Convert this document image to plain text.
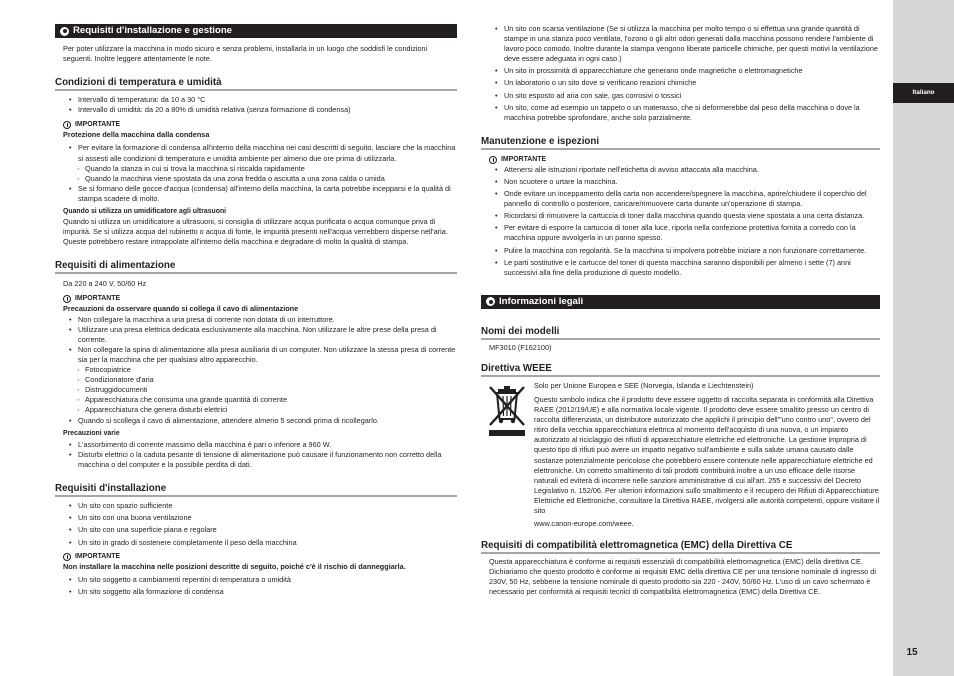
Requisiti d'installazione e gestione
Per poter utilizzare la macchina in modo sicuro e senza problemi, installarla in un luogo che soddisfi le condizioni seguenti. Inoltre leggere attentamente le note.
Condizioni di temperatura e umidità
• Intervallo di temperatura: da 10 a 30 °C
• Intervallo di umidità: da 20 a 80% di umidità relativa (senza formazione di condensa)
IMPORTANTE
Protezione della macchina dalla condensa
• Per evitare la formazione di condensa all'interno della macchina nei casi descritti di seguito, lasciare che la macchina si assesti alle condizioni di temperatura e umidità ambiente per almeno due ore prima di utilizzarla.
◦ Quando la stanza in cui si trova la macchina si riscalda rapidamente
◦ Quando la macchina viene spostata da una zona fredda o asciutta a una zona calda o umida
• Se si formano delle gocce d'acqua (condensa) all'interno della macchina, la carta potrebbe incepparsi e la qualità di stampa scadere di molto.
Quando si utilizza un umidificatore agli ultrasuoni
Quando si utilizza un umidificatore a ultrasuoni, si consiglia di utilizzare acqua purificata o acqua comunque priva di impurità. Se si utilizza acqua del rubinetto o acqua di fonte, le impurità presenti nell'acqua verrebbero disperse nell'aria. Queste potrebbero restare intrappolate all'interno della macchina e degradare di molto la qualità di stampa.
Requisiti di alimentazione
Da 220 a 240 V, 50/60 Hz
IMPORTANTE
Precauzioni da osservare quando si collega il cavo di alimentazione
• Non collegare la macchina a una presa di corrente non dotata di un interruttore.
• Utilizzare una presa elettrica dedicata esclusivamente alla macchina. Non utilizzare le altre prese della presa di corrente.
• Non collegare la spina di alimentazione alla presa ausiliaria di un computer. Non utilizzare la stessa presa di corrente sia per la macchina che per qualsiasi altro apparecchio.
◦ Fotocopiatrice
◦ Condizionatore d'aria
◦ Distruggidocumenti
◦ Apparecchiatura che consuma una grande quantità di corrente
◦ Apparecchiatura che genera disturbi elettrici
• Quando si scollega il cavo di alimentazione, attendere almeno 5 secondi prima di ricollegarlo.
Precauzioni varie
• L'assorbimento di corrente massimo della macchina è pari o inferiore a 960 W.
• Disturbi elettrici o la caduta pesante di tensione di alimentazione può causare il funzionamento non corretto della macchina o del computer e la possibile perdita di dati.
Requisiti d'installazione
• Un sito con spazio sufficiente
• Un sito con una buona ventilazione
• Un sito con una superficie piana e regolare
• Un sito in grado di sostenere completamente il peso della macchina
IMPORTANTE
Non installare la macchina nelle posizioni descritte di seguito, poiché c'è il rischio di danneggiarla.
• Un sito soggetto a cambiamenti repentini di temperatura o umidità
• Un sito soggetto alla formazione di condensa
• Un sito con scarsa ventilazione (Se si utilizza la macchina per molto tempo o si effettua una grande quantità di stampe in una stanza poco ventilata, l'ozono o gli altri odori generati dalla macchina possono rendere l'ambiente di lavoro poco comodo. Inoltre durante la stampa vengono liberate particelle chimiche, per questi motivi la ventilazione deve essere adeguata in ogni caso.)
• Un sito in prossimità di apparecchiature che generano onde magnetiche o elettromagnetiche
• Un laboratorio o un sito dove si verificano reazioni chimiche
• Un sito esposto ad aria con sale, gas corrosivi o tossici
• Un sito, come ad esempio un tappeto o un materasso, che si deformerebbe dal peso della macchina o dove la macchina potrebbe sprofondare, anche solo parzialmente.
Manutenzione e ispezioni
IMPORTANTE
• Attenersi alle istruzioni riportate nell'etichetta di avviso attaccata alla macchina.
• Non scuotere o urtare la macchina.
• Onde evitare un inceppamento della carta non accendere/spegnere la macchina, aprire/chiudere il coperchio del pannello di controllo o posteriore, caricare/rimuovere carta durante un'operazione di stampa.
• Ricordarsi di rimuovere la cartuccia di toner dalla macchina quando questa viene spostata a una certa distanza.
• Per evitare di esporre la cartuccia di toner alla luce, riporla nella confezione protettiva fornita a corredo con la macchina oppure avvolgerla in un panno spesso.
• Pulire la macchina con regolarità. Se la macchina si impolvera potrebbe iniziare a non funzionare correttamente.
• Le parti sostitutive e le cartucce del toner di questa macchina saranno disponibili per almeno i sette (7) anni successivi alla fine della produzione di questo modello.
Informazioni legali
Nomi dei modelli
MF3010 (F162100)
Direttiva WEEE
Solo per Unione Europea e SEE (Norvegia, Islanda e Liechtenstein)
Questo simbolo indica che il prodotto deve essere oggetto di raccolta separata in conformità alla Direttiva RAEE (2012/19/UE) e alla normativa locale vigente. Il prodotto deve essere smaltito presso un centro di raccolta differenziata, un distributore autorizzato che applichi il principio dell'"uno contro uno", ovvero del ritiro della vecchia apparecchiatura elettrica al momento dell'acquisto di una nuova, o un impianto autorizzato al riciclaggio dei rifiuti di apparecchiature elettriche ed elettroniche. La gestione impropria di questo tipo di rifiuti può avere un impatto negativo sull'ambiente e sulla salute umana causato dalle sostanze potenzialmente pericolose che potrebbero essere contenute nelle apparecchiature elettriche ed elettroniche. Un corretto smaltimento di tali prodotti contribuirà inoltre a un uso efficace delle risorse naturali ed eviterà di incorrere nelle sanzioni amministrative di cui all'art. 255 e successivi del Decreto Legislativo n. 152/06. Per ulteriori informazioni sullo smaltimento e il recupero dei Rifiuti di Apparecchiature Elettriche ed Elettroniche, consultare la Direttiva RAEE, rivolgersi alle autorità competenti, oppure visitare il sito
www.canon-europe.com/weee.
Requisiti di compatibilità elettromagnetica (EMC) della Direttiva CE
Questa apparecchiatura è conforme ai requisiti essenziali di compatibilità elettromagnetica (EMC) della direttiva CE. Dichiariamo che questo prodotto è conforme ai requisiti EMC della direttiva CE per una tensione nominale di ingresso di 230V, 50 Hz, sebbene la tensione nominale di questo prodotto sia 220 - 240V, 50/60 Hz. L'uso di un cavo schermato è necessario per conformità ai requisiti tecnici di compatibilità elettromagnetica (EMC) della Direttiva CE.
Italiano
15
